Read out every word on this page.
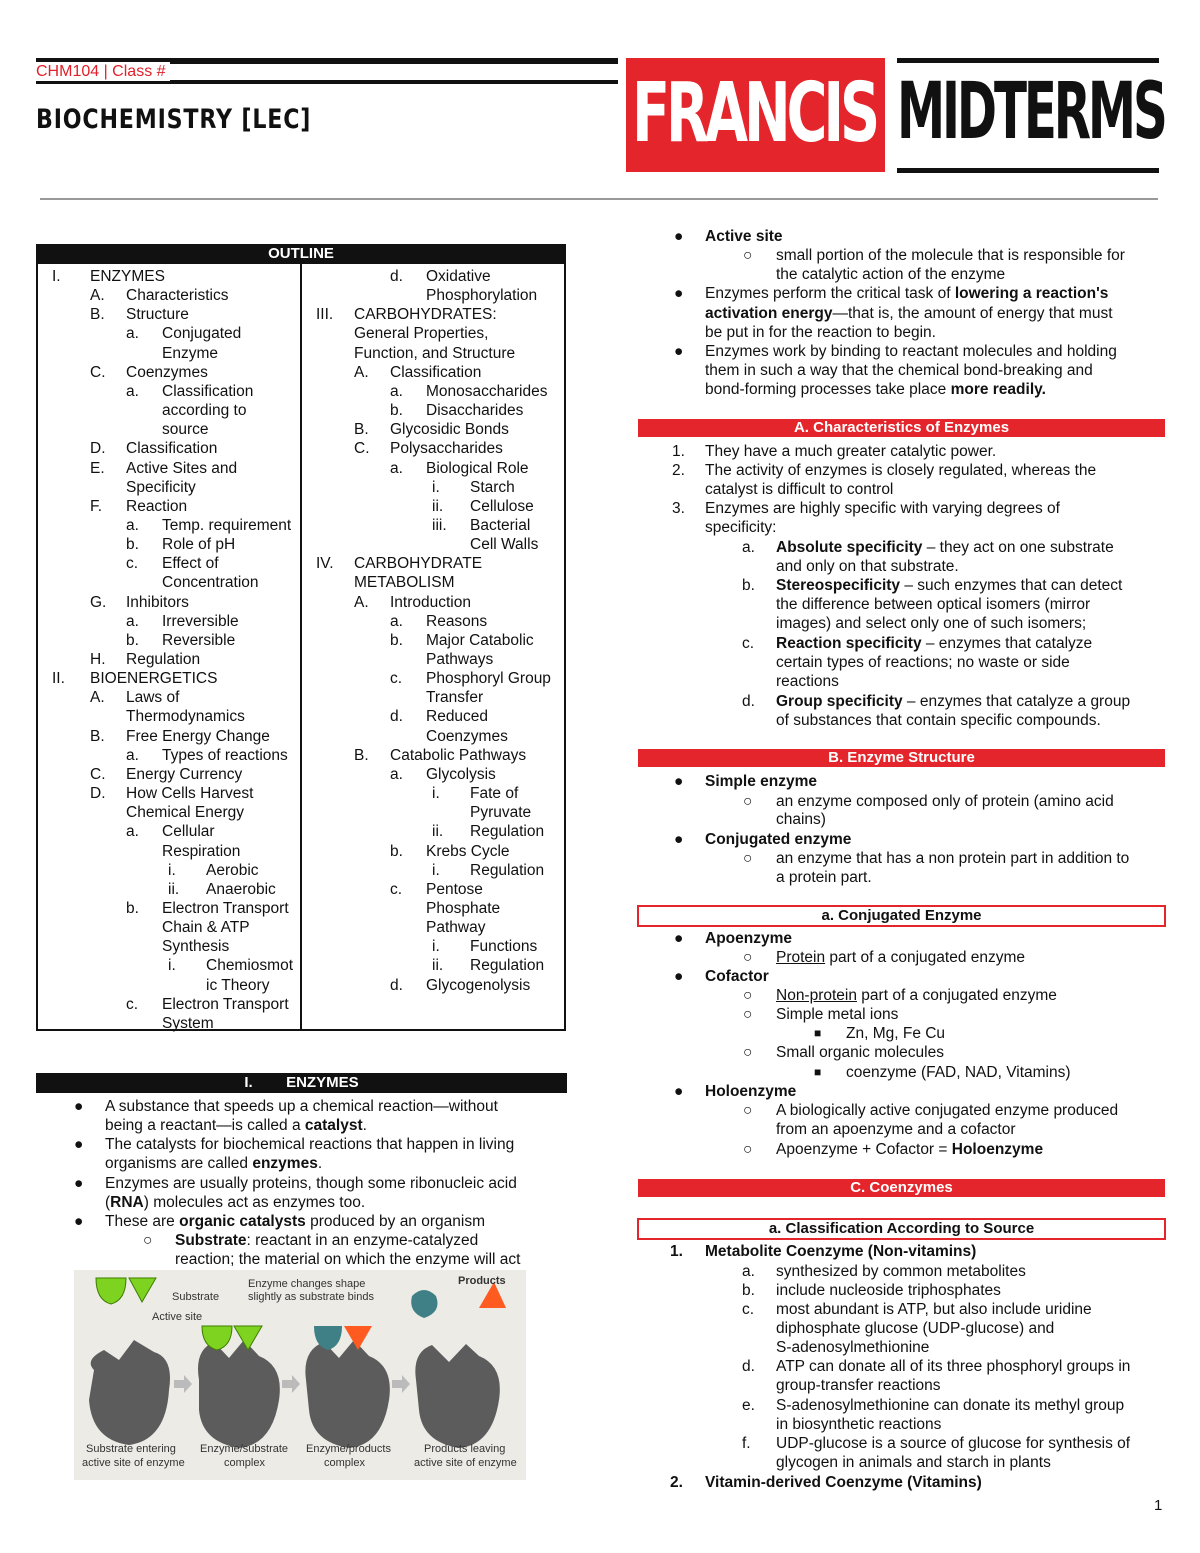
CHM104 | Class #
BIOCHEMISTRY [LEC]	FRANCIS MIDTERMS
OUTLINE
I. ENZYMES
A. Characteristics
B. Structure
a. Conjugated
Enzyme
C. Coenzymes
a. Classification
according to
source
D. Classification
E. Active Sites and
Specificity
F. Reaction
a. Temp. requirement
b. Role of pH
c. Effect of
Concentration
G. Inhibitors
a. Irreversible
b. Reversible
H. Regulation
II. BIOENERGETICS
A. Laws of
Thermodynamics
B. Free Energy Change
a. Types of reactions
C. Energy Currency
D. How Cells Harvest
Chemical Energy
a. Cellular
Respiration
i. Aerobic
ii. Anaerobic
b. Electron Transport
Chain & ATP
Synthesis
i. Chemiosmot
ic Theory
c. Electron Transport
System
d. Oxidative
Phosphorylation
III. CARBOHYDRATES:
General Properties,
Function, and Structure
A. Classification
a. Monosaccharides
b. Disaccharides
B. Glycosidic Bonds
C. Polysaccharides
a. Biological Role
i. Starch
ii. Cellulose
iii. Bacterial
Cell Walls
IV. CARBOHYDRATE
METABOLISM
A. Introduction
a. Reasons
b. Major Catabolic
Pathways
c. Phosphoryl Group
Transfer
d. Reduced
Coenzymes
B. Catabolic Pathways
a. Glycolysis
i. Fate of
Pyruvate
ii. Regulation
b. Krebs Cycle
i. Regulation
c. Pentose
Phosphate
Pathway
i. Functions
ii. Regulation
d. Glycogenolysis
I. ENZYMES
● A substance that speeds up a chemical reaction—without
being a reactant—is called a catalyst.
● The catalysts for biochemical reactions that happen in living
organisms are called enzymes.
● Enzymes are usually proteins, though some ribonucleic acid
(RNA) molecules act as enzymes too.
● These are organic catalysts produced by an organism
○ Substrate: reactant in an enzyme-catalyzed
reaction; the material on which the enzyme will act
Substrate
Active site
Enzyme changes shape
slightly as substrate binds
Products
Substrate entering
active site of enzyme
Enzyme/substrate
complex
Enzyme/products
complex
Products leaving
active site of enzyme
● Active site
○ small portion of the molecule that is responsible for
the catalytic action of the enzyme
● Enzymes perform the critical task of lowering a reaction's
activation energy—that is, the amount of energy that must
be put in for the reaction to begin.
● Enzymes work by binding to reactant molecules and holding
them in such a way that the chemical bond-breaking and
bond-forming processes take place more readily.
A. Characteristics of Enzymes
1. They have a much greater catalytic power.
2. The activity of enzymes is closely regulated, whereas the
catalyst is difficult to control
3. Enzymes are highly specific with varying degrees of
specificity:
a. Absolute specificity – they act on one substrate
and only on that substrate.
b. Stereospecificity – such enzymes that can detect
the difference between optical isomers (mirror
images) and select only one of such isomers;
c. Reaction specificity – enzymes that catalyze
certain types of reactions; no waste or side
reactions
d. Group specificity – enzymes that catalyze a group
of substances that contain specific compounds.
B. Enzyme Structure
● Simple enzyme
○ an enzyme composed only of protein (amino acid
chains)
● Conjugated enzyme
○ an enzyme that has a non protein part in addition to
a protein part.
a. Conjugated Enzyme
● Apoenzyme
○ Protein part of a conjugated enzyme
● Cofactor
○ Non-protein part of a conjugated enzyme
○ Simple metal ions
■ Zn, Mg, Fe Cu
○ Small organic molecules
■ coenzyme (FAD, NAD, Vitamins)
● Holoenzyme
○ A biologically active conjugated enzyme produced
from an apoenzyme and a cofactor
○ Apoenzyme + Cofactor = Holoenzyme
C. Coenzymes
a. Classification According to Source
1. Metabolite Coenzyme (Non-vitamins)
a. synthesized by common metabolites
b. include nucleoside triphosphates
c. most abundant is ATP, but also include uridine
diphosphate glucose (UDP-glucose) and
S-adenosylmethionine
d. ATP can donate all of its three phosphoryl groups in
group-transfer reactions
e. S-adenosylmethionine can donate its methyl group
in biosynthetic reactions
f. UDP-glucose is a source of glucose for synthesis of
glycogen in animals and starch in plants
2. Vitamin-derived Coenzyme (Vitamins)
1
